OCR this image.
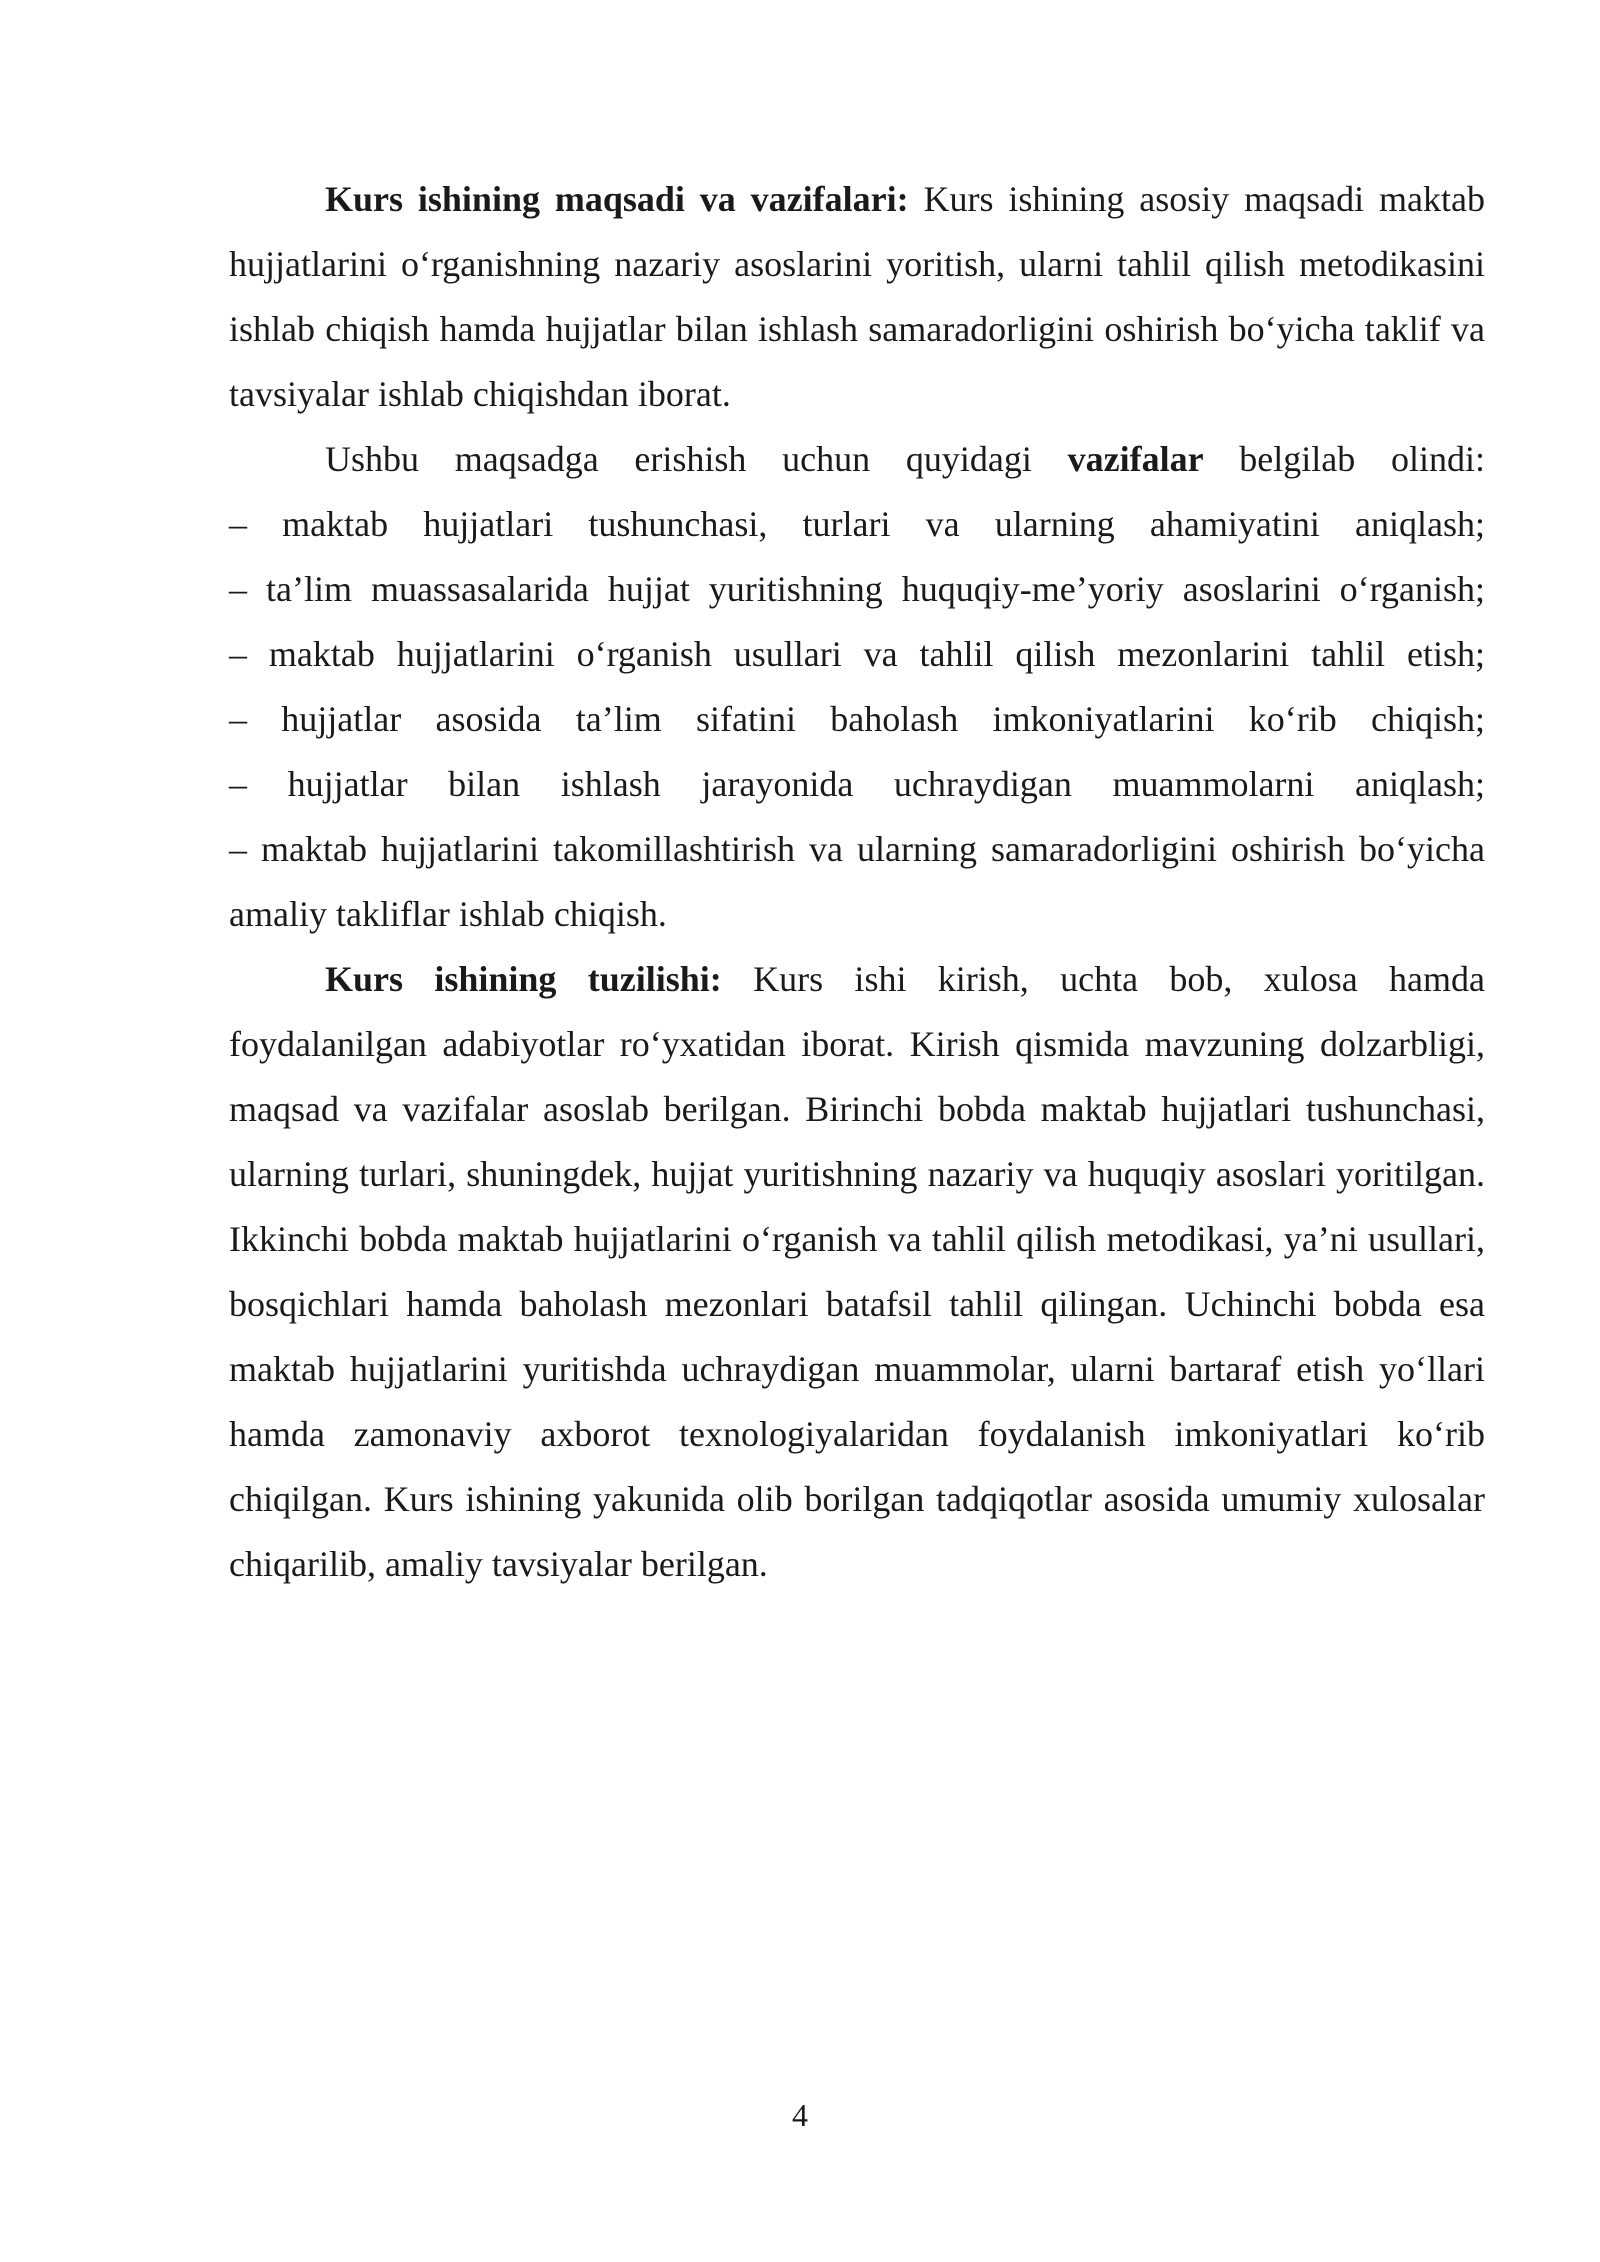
Kurs ishining maqsadi va vazifalari: Kurs ishining asosiy maqsadi maktab hujjatlarini o‘rganishning nazariy asoslarini yoritish, ularni tahlil qilish metodikasini ishlab chiqish hamda hujjatlar bilan ishlash samaradorligini oshirish bo‘yicha taklif va tavsiyalar ishlab chiqishdan iborat.

Ushbu maqsadga erishish uchun quyidagi vazifalar belgilab olindi:

– maktab hujjatlari tushunchasi, turlari va ularning ahamiyatini aniqlash;
– ta’lim muassasalarida hujjat yuritishning huquqiy-me’yoriy asoslarini o‘rganish;
– maktab hujjatlarini o‘rganish usullari va tahlil qilish mezonlarini tahlil etish;
– hujjatlar asosida ta’lim sifatini baholash imkoniyatlarini ko‘rib chiqish;
– hujjatlar bilan ishlash jarayonida uchraydigan muammolarni aniqlash;
– maktab hujjatlarini takomillashtirish va ularning samaradorligini oshirish bo‘yicha amaliy takliflar ishlab chiqish.

Kurs ishining tuzilishi: Kurs ishi kirish, uchta bob, xulosa hamda foydalanilgan adabiyotlar ro‘yxatidan iborat. Kirish qismida mavzuning dolzarbligi, maqsad va vazifalar asoslab berilgan. Birinchi bobda maktab hujjatlari tushunchasi, ularning turlari, shuningdek, hujjat yuritishning nazariy va huquqiy asoslari yoritilgan. Ikkinchi bobda maktab hujjatlarini o‘rganish va tahlil qilish metodikasi, ya’ni usullari, bosqichlari hamda baholash mezonlari batafsil tahlil qilingan. Uchinchi bobda esa maktab hujjatlarini yuritishda uchraydigan muammolar, ularni bartaraf etish yo‘llari hamda zamonaviy axborot texnologiyalaridan foydalanish imkoniyatlari ko‘rib chiqilgan. Kurs ishining yakunida olib borilgan tadqiqotlar asosida umumiy xulosalar chiqarilib, amaliy tavsiyalar berilgan.

4
